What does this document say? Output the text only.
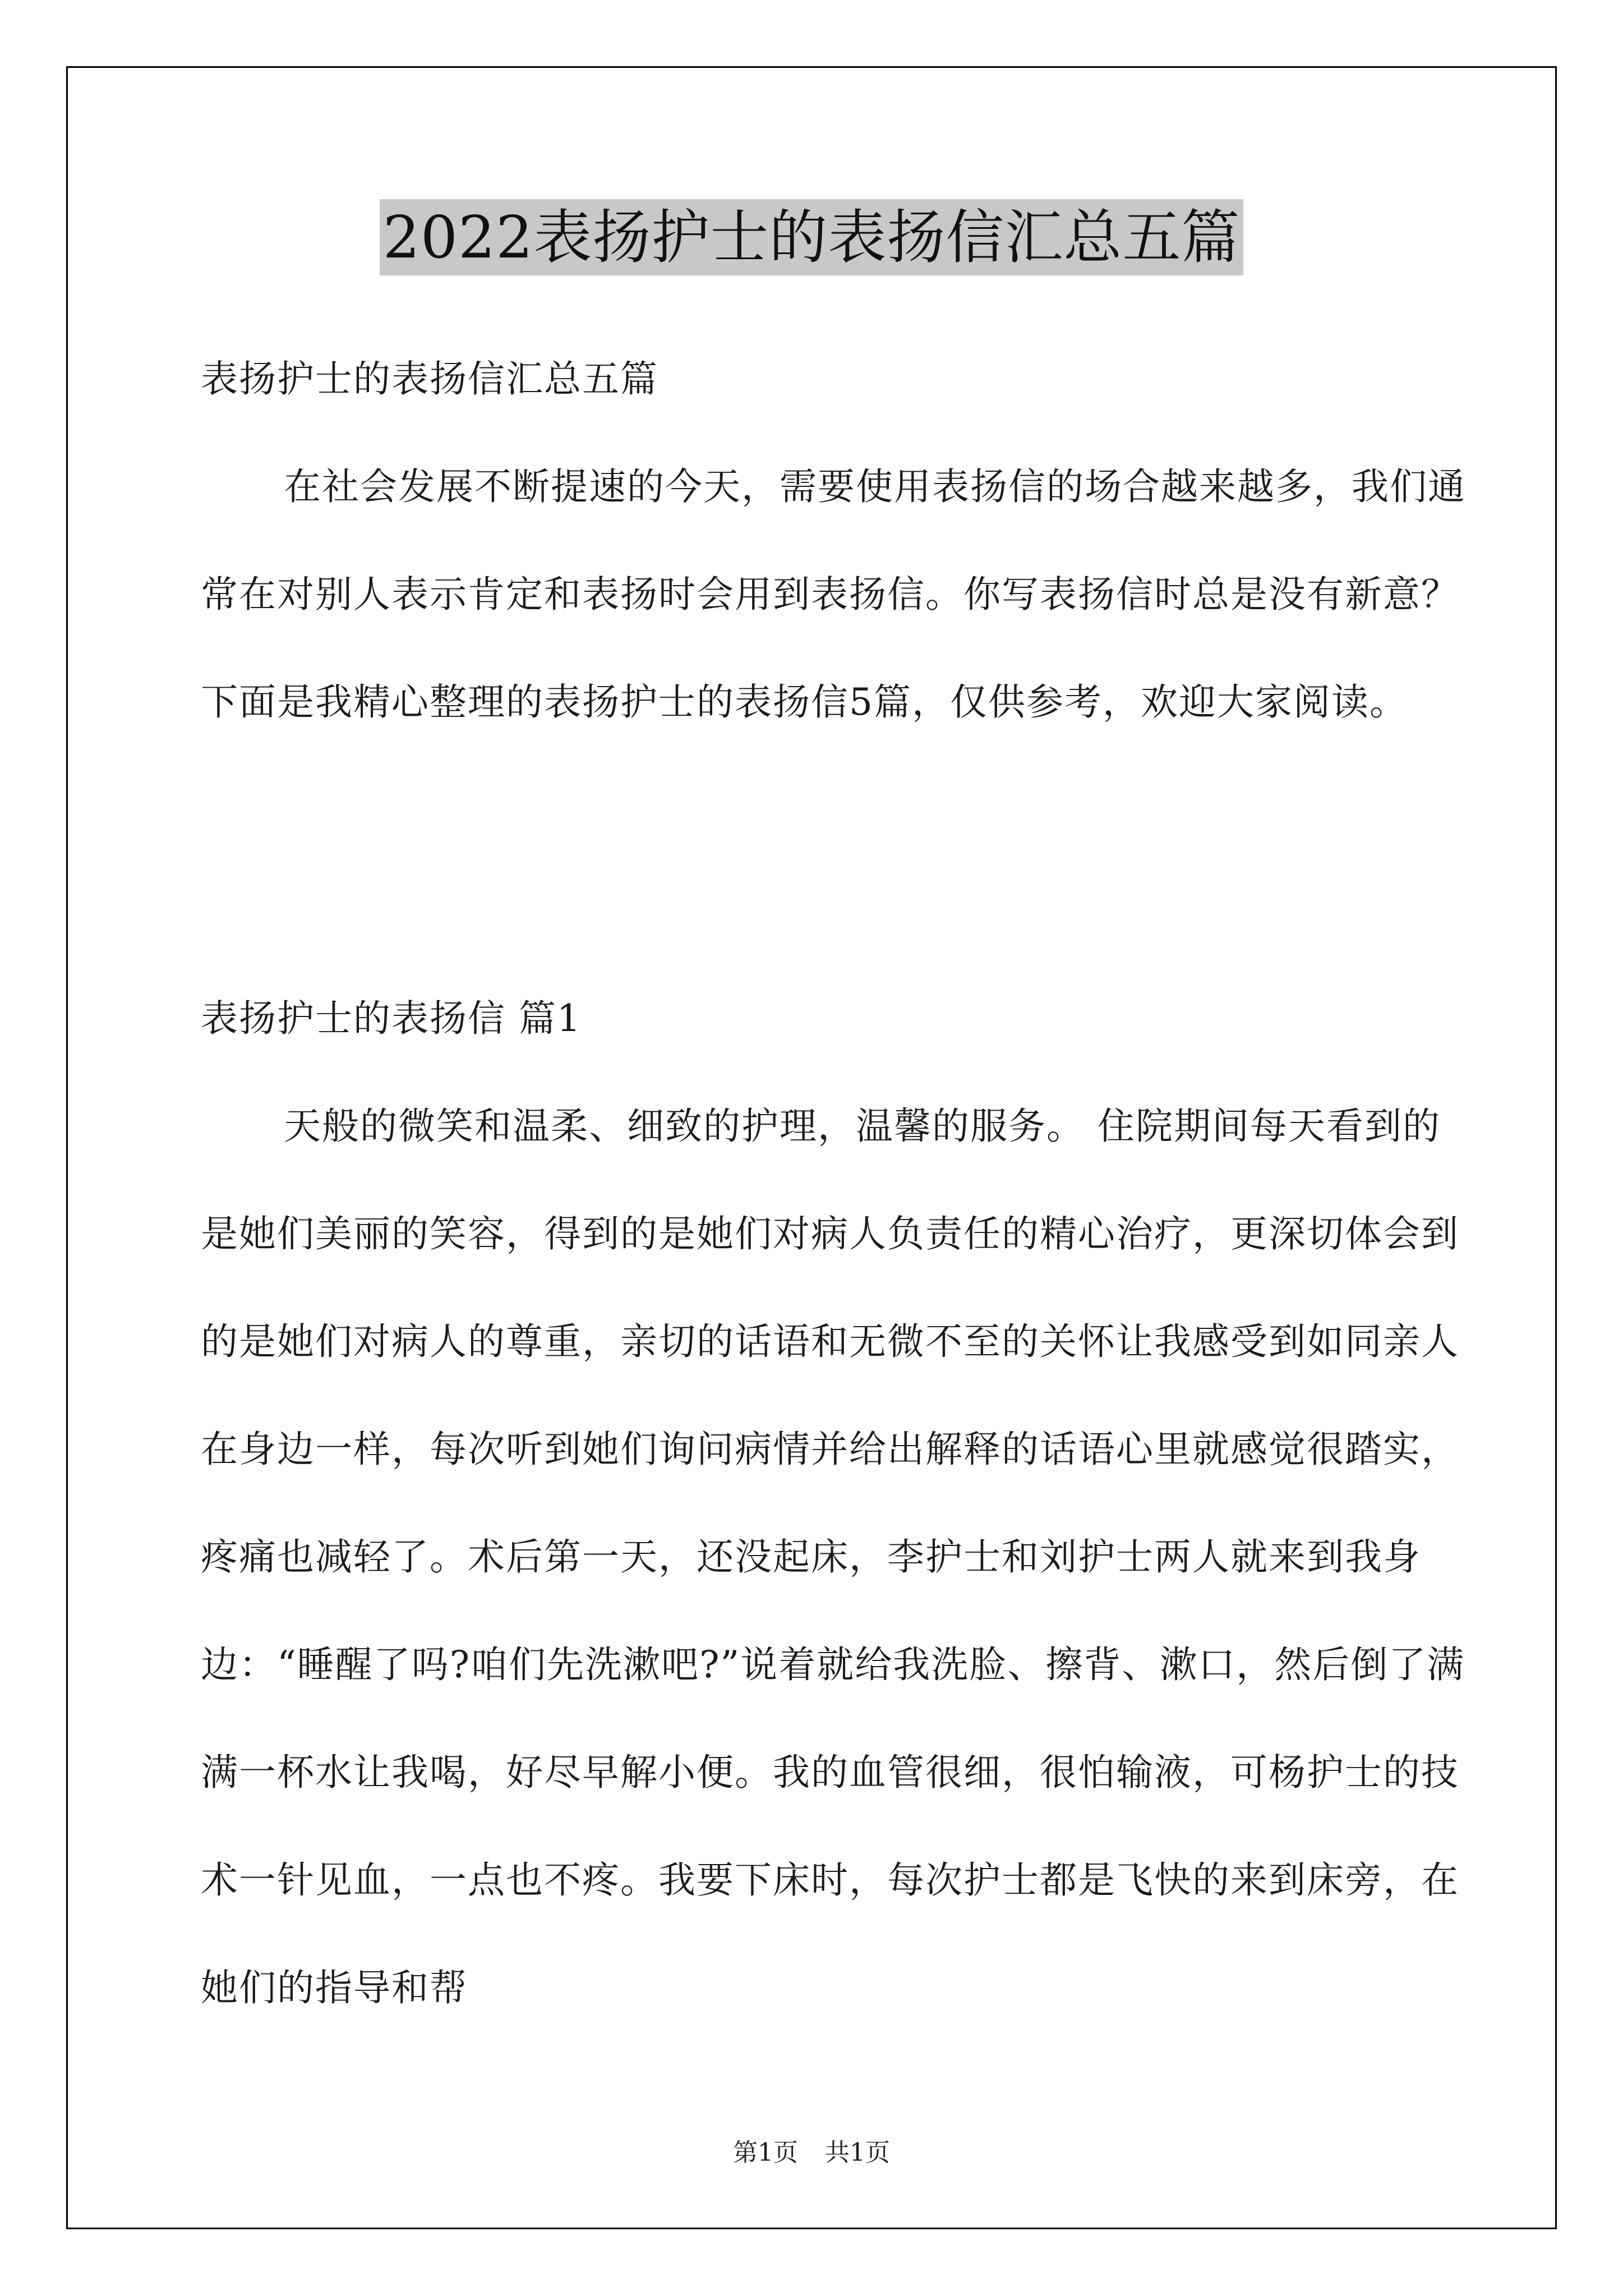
2022表扬护士的表扬信汇总五篇

表扬护士的表扬信汇总五篇

在社会发展不断提速的今天，需要使用表扬信的场合越来越多，我们通常在对别人表示肯定和表扬时会用到表扬信。你写表扬信时总是没有新意？下面是我精心整理的表扬护士的表扬信5篇，仅供参考，欢迎大家阅读。

表扬护士的表扬信 篇1

天般的微笑和温柔、细致的护理，温馨的服务。 住院期间每天看到的是她们美丽的笑容，得到的是她们对病人负责任的精心治疗，更深切体会到的是她们对病人的尊重，亲切的话语和无微不至的关怀让我感受到如同亲人在身边一样，每次听到她们询问病情并给出解释的话语心里就感觉很踏实，疼痛也减轻了。术后第一天，还没起床，李护士和刘护士两人就来到我身边：“睡醒了吗?咱们先洗漱吧?”说着就给我洗脸、擦背、漱口，然后倒了满满一杯水让我喝，好尽早解小便。我的血管很细，很怕输液，可杨护士的技术一针见血，一点也不疼。我要下床时，每次护士都是飞快的来到床旁，在她们的指导和帮

第1页 共1页
